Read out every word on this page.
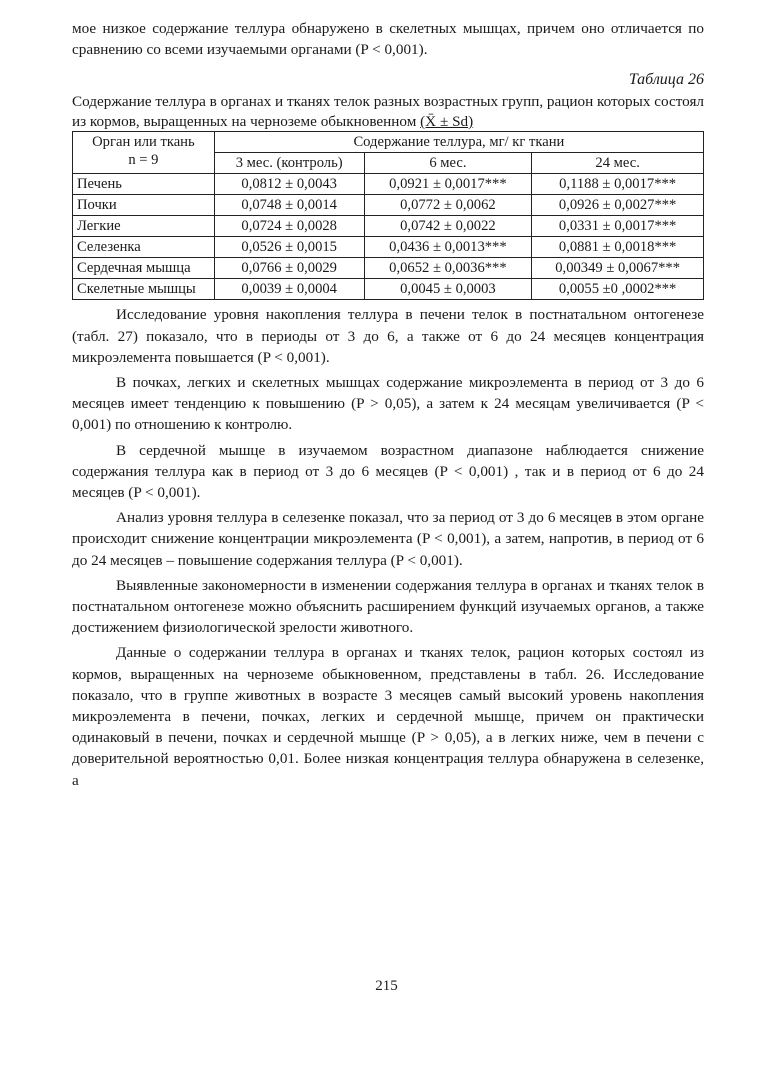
мое низкое содержание теллура обнаружено в скелетных мышцах, причем оно отличается по сравнению со всеми изучаемыми органами (P < 0,001).

Таблица 26
Содержание теллура в органах и тканях телок разных возрастных групп, рацион которых состоял из кормов, выращенных на черноземе обыкновенном (X̄ ± Sd)
Орган или ткань
n = 9	Содержание теллура, мг/ кг ткани		
	3 мес. (контроль)	6 мес.	24 мес.
Печень	0,0812 ± 0,0043	0,0921 ± 0,0017***	0,1188 ± 0,0017***
Почки	0,0748 ± 0,0014	0,0772 ± 0,0062	0,0926 ± 0,0027***
Легкие	0,0724 ± 0,0028	0,0742 ± 0,0022	0,0331 ± 0,0017***
Селезенка	0,0526 ± 0,0015	0,0436 ± 0,0013***	0,0881 ± 0,0018***
Сердечная мышца	0,0766 ± 0,0029	0,0652 ± 0,0036***	0,00349 ± 0,0067***
Скелетные мышцы	0,0039 ± 0,0004	0,0045 ± 0,0003	0,0055 ±0 ,0002***

Исследование уровня накопления теллура в печени телок в постнатальном онтогенезе (табл. 27) показало, что в периоды от 3 до 6, а также от 6 до 24 месяцев концентрация микроэлемента повышается (P < 0,001).

В почках, легких и скелетных мышцах содержание микроэлемента в период от 3 до 6 месяцев имеет тенденцию к повышению (P > 0,05), а затем к 24 месяцам увеличивается (P < 0,001) по отношению к контролю.

В сердечной мышце в изучаемом возрастном диапазоне наблюдается снижение содержания теллура как в период от 3 до 6 месяцев (P < 0,001) , так и в период от 6 до 24 месяцев (P < 0,001).

Анализ уровня теллура в селезенке показал, что за период от 3 до 6 месяцев в этом органе происходит снижение концентрации микроэлемента (P < 0,001), а затем, напротив, в период от 6 до 24 месяцев – повышение содержания теллура (P < 0,001).

Выявленные закономерности в изменении содержания теллура в органах и тканях телок в постнатальном онтогенезе можно объяснить расширением функций изучаемых органов, а также достижением физиологической зрелости животного.

Данные о содержании теллура в органах и тканях телок, рацион которых состоял из кормов, выращенных на черноземе обыкновенном, представлены в табл. 26. Исследование показало, что в группе животных в возрасте 3 месяцев самый высокий уровень накопления микроэлемента в печени, почках, легких и сердечной мышце, причем он практически одинаковый в печени, почках и сердечной мышце (P > 0,05), а в легких ниже, чем в печени с доверительной вероятностью 0,01. Более низкая концентрация теллура обнаружена в селезенке, а

215
